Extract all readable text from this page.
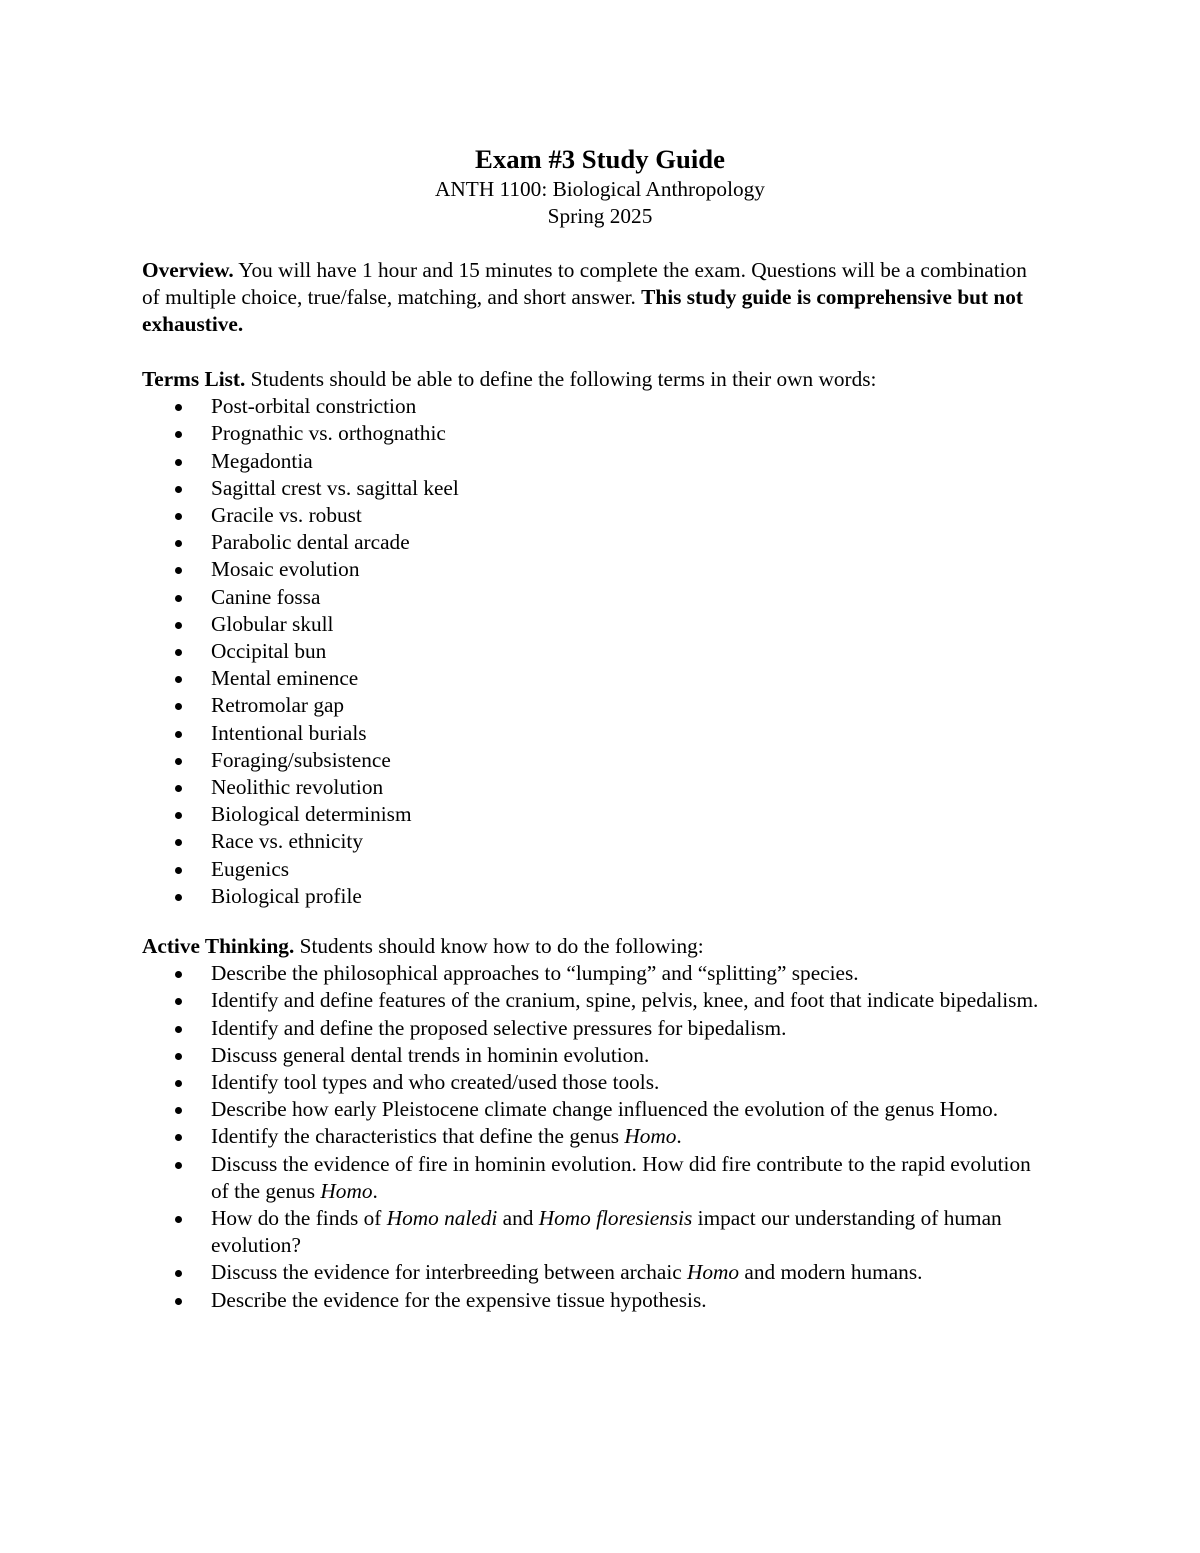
Exam #3 Study Guide

ANTH 1100: Biological Anthropology

Spring 2025

Overview. You will have 1 hour and 15 minutes to complete the exam. Questions will be a combination of multiple choice, true/false, matching, and short answer. This study guide is comprehensive but not exhaustive.

Terms List. Students should be able to define the following terms in their own words:

Post-orbital constriction
Prognathic vs. orthognathic
Megadontia
Sagittal crest vs. sagittal keel
Gracile vs. robust
Parabolic dental arcade
Mosaic evolution
Canine fossa
Globular skull
Occipital bun
Mental eminence
Retromolar gap
Intentional burials
Foraging/subsistence
Neolithic revolution
Biological determinism
Race vs. ethnicity
Eugenics
Biological profile

Active Thinking. Students should know how to do the following:

Describe the philosophical approaches to “lumping” and “splitting” species.
Identify and define features of the cranium, spine, pelvis, knee, and foot that indicate bipedalism.
Identify and define the proposed selective pressures for bipedalism.
Discuss general dental trends in hominin evolution.
Identify tool types and who created/used those tools.
Describe how early Pleistocene climate change influenced the evolution of the genus Homo.
Identify the characteristics that define the genus Homo.
Discuss the evidence of fire in hominin evolution. How did fire contribute to the rapid evolution of the genus Homo.
How do the finds of Homo naledi and Homo floresiensis impact our understanding of human evolution?
Discuss the evidence for interbreeding between archaic Homo and modern humans.
Describe the evidence for the expensive tissue hypothesis.
